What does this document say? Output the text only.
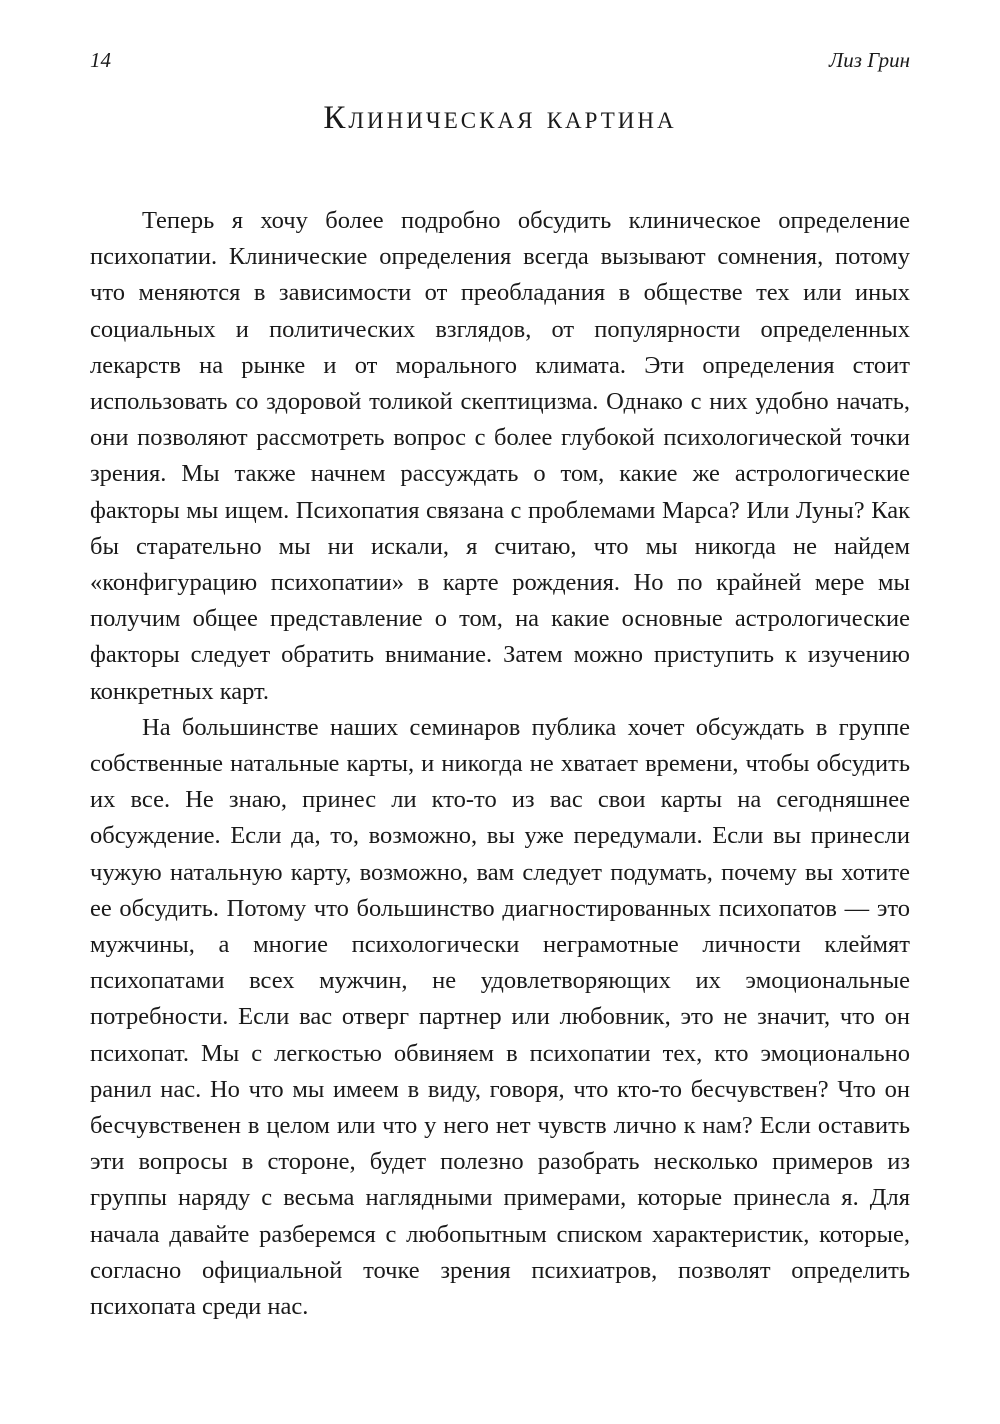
14	Лиз Грин
Клиническая картина

Теперь я хочу более подробно обсудить клиническое определение психопатии. Клинические определения всегда вызывают сомнения, потому что меняются в зависимости от преобладания в обществе тех или иных социальных и политических взглядов, от популярности определенных лекарств на рынке и от морального климата. Эти определения стоит использовать со здоровой толикой скептицизма. Однако с них удобно начать, они позволяют рассмотреть вопрос с более глубокой психологической точки зрения. Мы также начнем рассуждать о том, какие же астрологические факторы мы ищем. Психопатия связана с проблемами Марса? Или Луны? Как бы старательно мы ни искали, я считаю, что мы никогда не найдем «конфигурацию психопатии» в карте рождения. Но по крайней мере мы получим общее представление о том, на какие основные астрологические факторы следует обратить внимание. Затем можно приступить к изучению конкретных карт.

На большинстве наших семинаров публика хочет обсуждать в группе собственные натальные карты, и никогда не хватает времени, чтобы обсудить их все. Не знаю, принес ли кто-то из вас свои карты на сегодняшнее обсуждение. Если да, то, возможно, вы уже передумали. Если вы принесли чужую натальную карту, возможно, вам следует подумать, почему вы хотите ее обсудить. Потому что большинство диагностированных психопатов — это мужчины, а многие психологически неграмотные личности клеймят психопатами всех мужчин, не удовлетворяющих их эмоциональные потребности. Если вас отверг партнер или любовник, это не значит, что он психопат. Мы с легкостью обвиняем в психопатии тех, кто эмоционально ранил нас. Но что мы имеем в виду, говоря, что кто-то бесчувствен? Что он бесчувственен в целом или что у него нет чувств лично к нам? Если оставить эти вопросы в стороне, будет полезно разобрать несколько примеров из группы наряду с весьма наглядными примерами, которые принесла я. Для начала давайте разберемся с любопытным списком характеристик, которые, согласно официальной точке зрения психиатров, позволят определить психопата среди нас.
